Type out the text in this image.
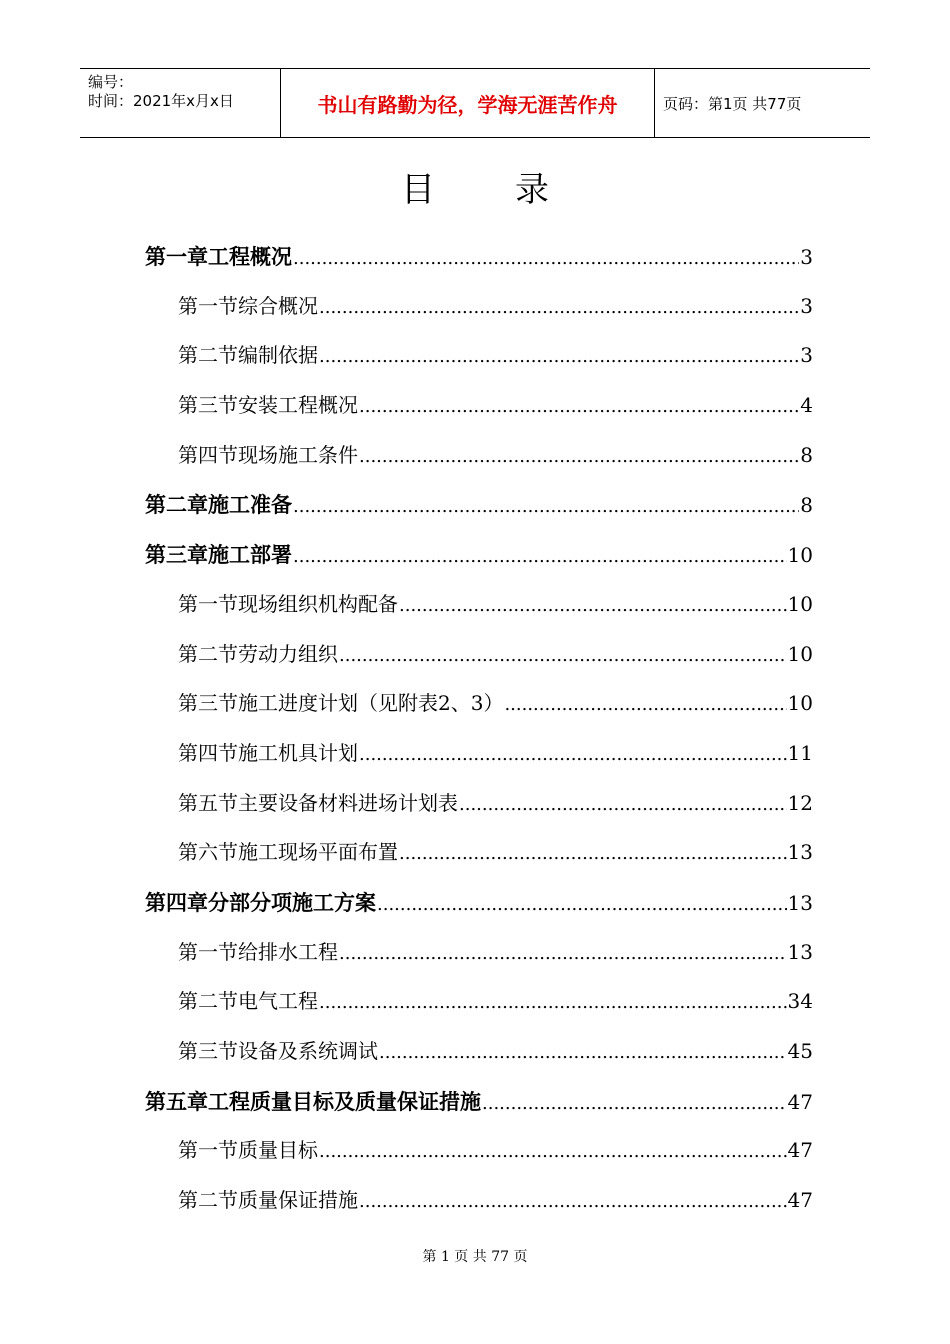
编号：
时间：2021年x月x日	书山有路勤为径，学海无涯苦作舟	页码：第1页 共77页
目录
第一章 工程概况 .....	3
第一节 综合概况 .....	3
第二节 编制依据 .....	3
第三节 安装工程概况 .....	4
第四节 现场施工条件 .....	8
第二章 施工准备 .....	8
第三章 施工部署 .....	10
第一节 现场组织机构配备 .....	10
第二节 劳动力组织 .....	10
第三节 施工进度计划（见附表2、3） .....	10
第四节 施工机具计划 .....	11
第五节 主要设备材料进场计划表 .....	12
第六节 施工现场平面布置 .....	13
第四章 分部分项施工方案 .....	13
第一节 给排水工程 .....	13
第二节 电气工程 .....	34
第三节 设备及系统调试 .....	45
第五章 工程质量目标及质量保证措施 .....	47
第一节 质量目标 .....	47
第二节 质量保证措施 .....	47
第 1 页 共 77 页
